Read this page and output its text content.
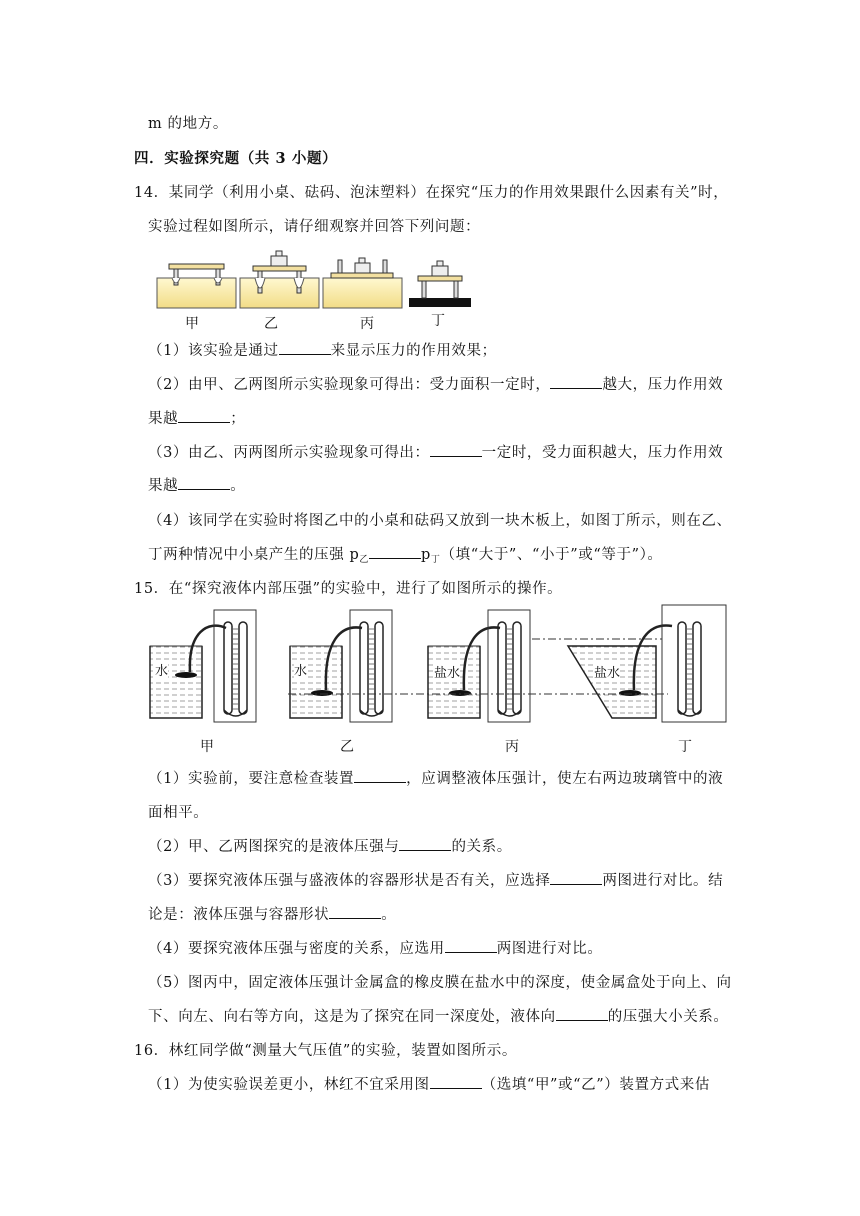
m 的地方。
四．实验探究题（共 3 小题）
14．某同学（利用小桌、砝码、泡沫塑料）在探究“压力的作用效果跟什么因素有关”时，
实验过程如图所示，请仔细观察并回答下列问题：
甲	乙	丙	丁
（1）该实验是通过	来显示压力的作用效果；
（2）由甲、乙两图所示实验现象可得出：受力面积一定时，	越大，压力作用效
果越	；
（3）由乙、丙两图所示实验现象可得出：	一定时，受力面积越大，压力作用效
果越	。
（4）该同学在实验时将图乙中的小桌和砝码又放到一块木板上，如图丁所示，则在乙、
丁两种情况中小桌产生的压强 $p_乙$	$p_丁$（填“大于”、“小于”或“等于”）。
15．在“探究液体内部压强”的实验中，进行了如图所示的操作。
水	水	盐水	盐水
甲	乙	丙	丁
（1）实验前，要注意检查装置	，应调整液体压强计，使左右两边玻璃管中的液
面相平。
（2）甲、乙两图探究的是液体压强与	的关系。
（3）要探究液体压强与盛液体的容器形状是否有关，应选择	两图进行对比。结
论是：液体压强与容器形状	。
（4）要探究液体压强与密度的关系，应选用	两图进行对比。
（5）图丙中，固定液体压强计金属盒的橡皮膜在盐水中的深度，使金属盒处于向上、向
下、向左、向右等方向，这是为了探究在同一深度处，液体向	的压强大小关系。
16．林红同学做“测量大气压值”的实验，装置如图所示。
（1）为使实验误差更小，林红不宜采用图	（选填“甲”或“乙”）装置方式来估
